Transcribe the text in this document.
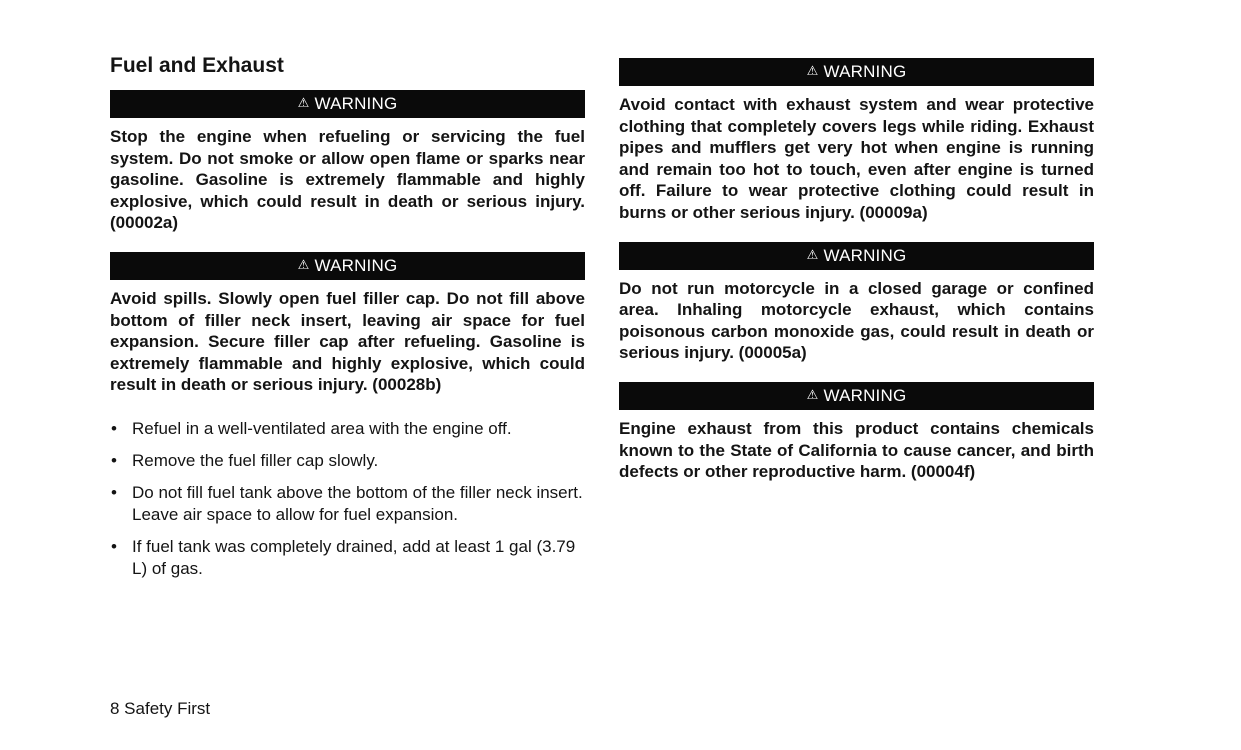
Fuel and Exhaust
⚠ WARNING

Stop the engine when refueling or servicing the fuel system. Do not smoke or allow open flame or sparks near gasoline. Gasoline is extremely flammable and highly explosive, which could result in death or serious injury. (00002a)

⚠ WARNING

Avoid spills. Slowly open fuel filler cap. Do not fill above bottom of filler neck insert, leaving air space for fuel expansion. Secure filler cap after refueling. Gasoline is extremely flammable and highly explosive, which could result in death or serious injury. (00028b)

• Refuel in a well-ventilated area with the engine off.
• Remove the fuel filler cap slowly.
• Do not fill fuel tank above the bottom of the filler neck insert. Leave air space to allow for fuel expansion.
• If fuel tank was completely drained, add at least 1 gal (3.79 L) of gas.
⚠ WARNING

Avoid contact with exhaust system and wear protective clothing that completely covers legs while riding. Exhaust pipes and mufflers get very hot when engine is running and remain too hot to touch, even after engine is turned off. Failure to wear protective clothing could result in burns or other serious injury. (00009a)

⚠ WARNING

Do not run motorcycle in a closed garage or confined area. Inhaling motorcycle exhaust, which contains poisonous carbon monoxide gas, could result in death or serious injury. (00005a)

⚠ WARNING

Engine exhaust from this product contains chemicals known to the State of California to cause cancer, and birth defects or other reproductive harm. (00004f)

8 Safety First
